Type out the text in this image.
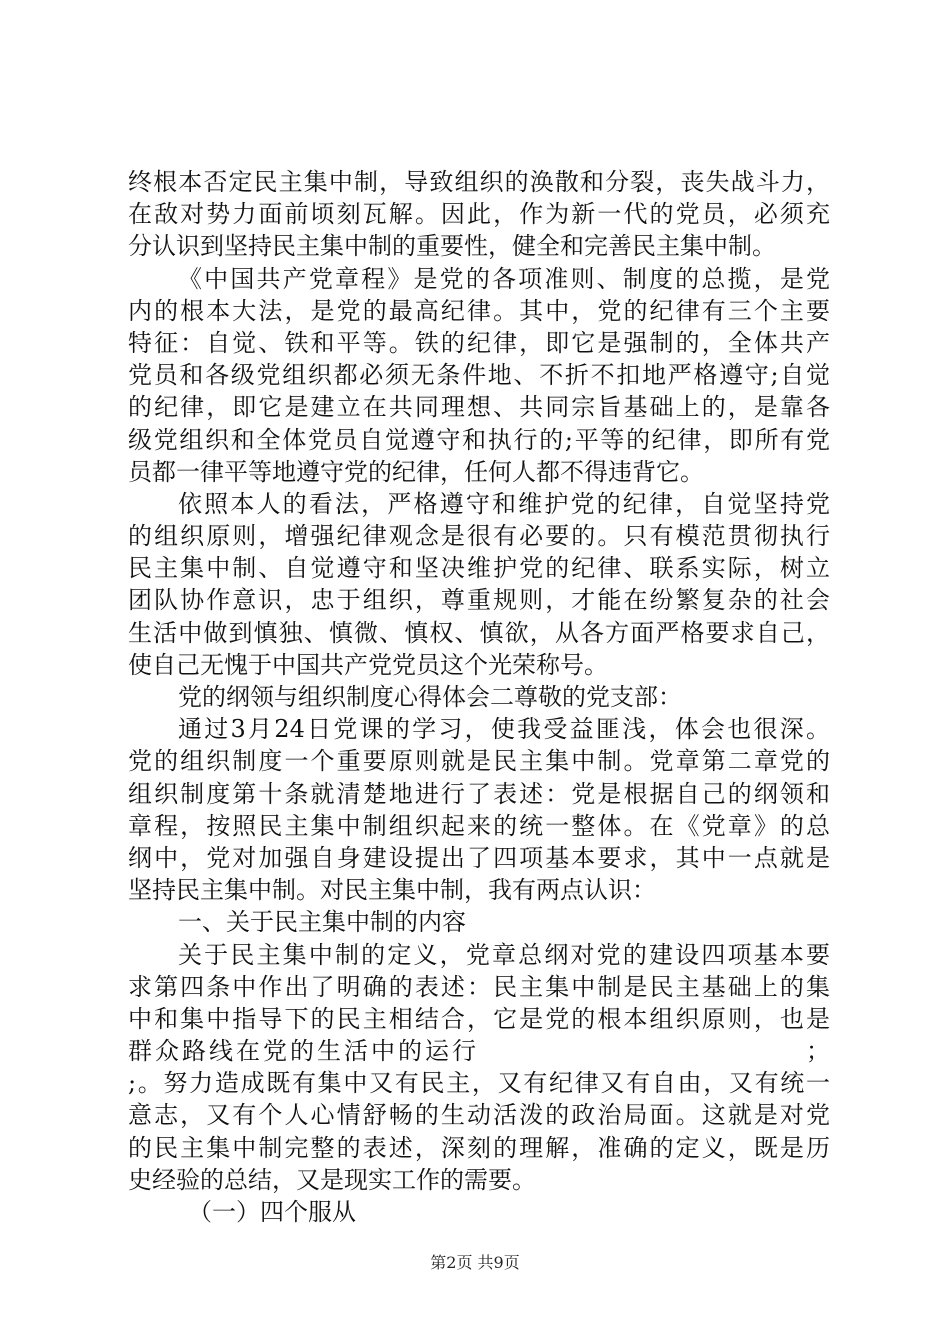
终根本否定民主集中制，导致组织的涣散和分裂，丧失战斗力，
在敌对势力面前顷刻瓦解。因此，作为新一代的党员，必须充
分认识到坚持民主集中制的重要性，健全和完善民主集中制。
《中国共产党章程》是党的各项准则、制度的总揽，是党
内的根本大法，是党的最高纪律。其中，党的纪律有三个主要
特征：自觉、铁和平等。铁的纪律，即它是强制的，全体共产
党员和各级党组织都必须无条件地、不折不扣地严格遵守;自觉
的纪律，即它是建立在共同理想、共同宗旨基础上的，是靠各
级党组织和全体党员自觉遵守和执行的;平等的纪律，即所有党
员都一律平等地遵守党的纪律，任何人都不得违背它。
依照本人的看法，严格遵守和维护党的纪律，自觉坚持党
的组织原则，增强纪律观念是很有必要的。只有模范贯彻执行
民主集中制、自觉遵守和坚决维护党的纪律、联系实际，树立
团队协作意识，忠于组织，尊重规则，才能在纷繁复杂的社会
生活中做到慎独、慎微、慎权、慎欲，从各方面严格要求自己，
使自己无愧于中国共产党党员这个光荣称号。
党的纲领与组织制度心得体会二尊敬的党支部：
通过3月24日党课的学习，使我受益匪浅，体会也很深。
党的组织制度一个重要原则就是民主集中制。党章第二章党的
组织制度第十条就清楚地进行了表述：党是根据自己的纲领和
章程，按照民主集中制组织起来的统一整体。在《党章》的总
纲中，党对加强自身建设提出了四项基本要求，其中一点就是
坚持民主集中制。对民主集中制，我有两点认识：
一、关于民主集中制的内容
关于民主集中制的定义，党章总纲对党的建设四项基本要
求第四条中作出了明确的表述：民主集中制是民主基础上的集
中和集中指导下的民主相结合，它是党的根本组织原则，也是
群众路线在党的生活中的运行	；
;。努力造成既有集中又有民主，又有纪律又有自由，又有统一
意志，又有个人心情舒畅的生动活泼的政治局面。这就是对党
的民主集中制完整的表述，深刻的理解，准确的定义，既是历
史经验的总结，又是现实工作的需要。
（一）四个服从
第2页 共9页
